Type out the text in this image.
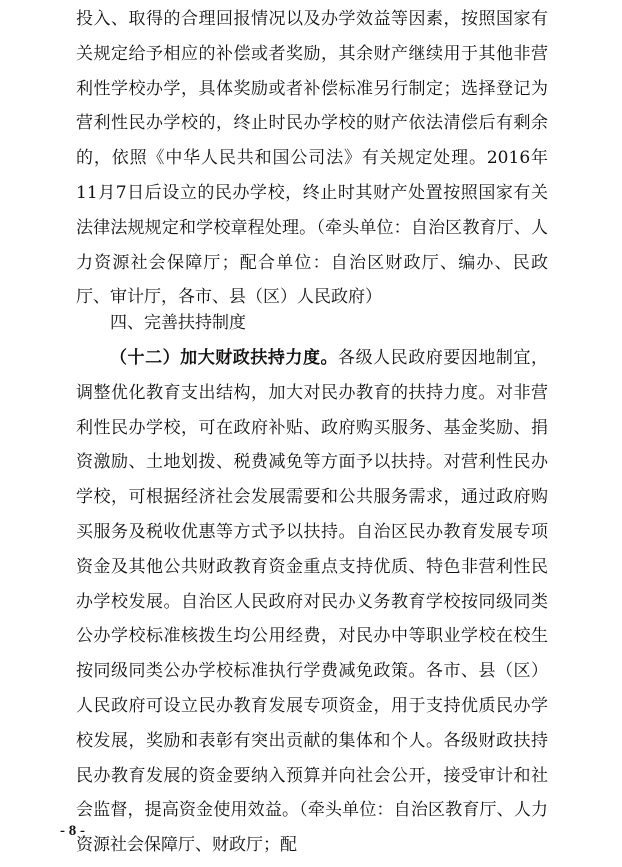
投入、取得的合理回报情况以及办学效益等因素，按照国家有关规定给予相应的补偿或者奖励，其余财产继续用于其他非营利性学校办学，具体奖励或者补偿标准另行制定；选择登记为营利性民办学校的，终止时民办学校的财产依法清偿后有剩余的，依照《中华人民共和国公司法》有关规定处理。2016年11月7日后设立的民办学校，终止时其财产处置按照国家有关法律法规规定和学校章程处理。（牵头单位：自治区教育厅、人力资源社会保障厅；配合单位：自治区财政厅、编办、民政厅、审计厅，各市、县（区）人民政府）

四、完善扶持制度

（十二）加大财政扶持力度。各级人民政府要因地制宜，调整优化教育支出结构，加大对民办教育的扶持力度。对非营利性民办学校，可在政府补贴、政府购买服务、基金奖励、捐资激励、土地划拨、税费减免等方面予以扶持。对营利性民办学校，可根据经济社会发展需要和公共服务需求，通过政府购买服务及税收优惠等方式予以扶持。自治区民办教育发展专项资金及其他公共财政教育资金重点支持优质、特色非营利性民办学校发展。自治区人民政府对民办义务教育学校按同级同类公办学校标准核拨生均公用经费，对民办中等职业学校在校生按同级同类公办学校标准执行学费减免政策。各市、县（区）人民政府可设立民办教育发展专项资金，用于支持优质民办学校发展，奖励和表彰有突出贡献的集体和个人。各级财政扶持民办教育发展的资金要纳入预算并向社会公开，接受审计和社会监督，提高资金使用效益。（牵头单位：自治区教育厅、人力资源社会保障厅、财政厅；配

- 8 -
